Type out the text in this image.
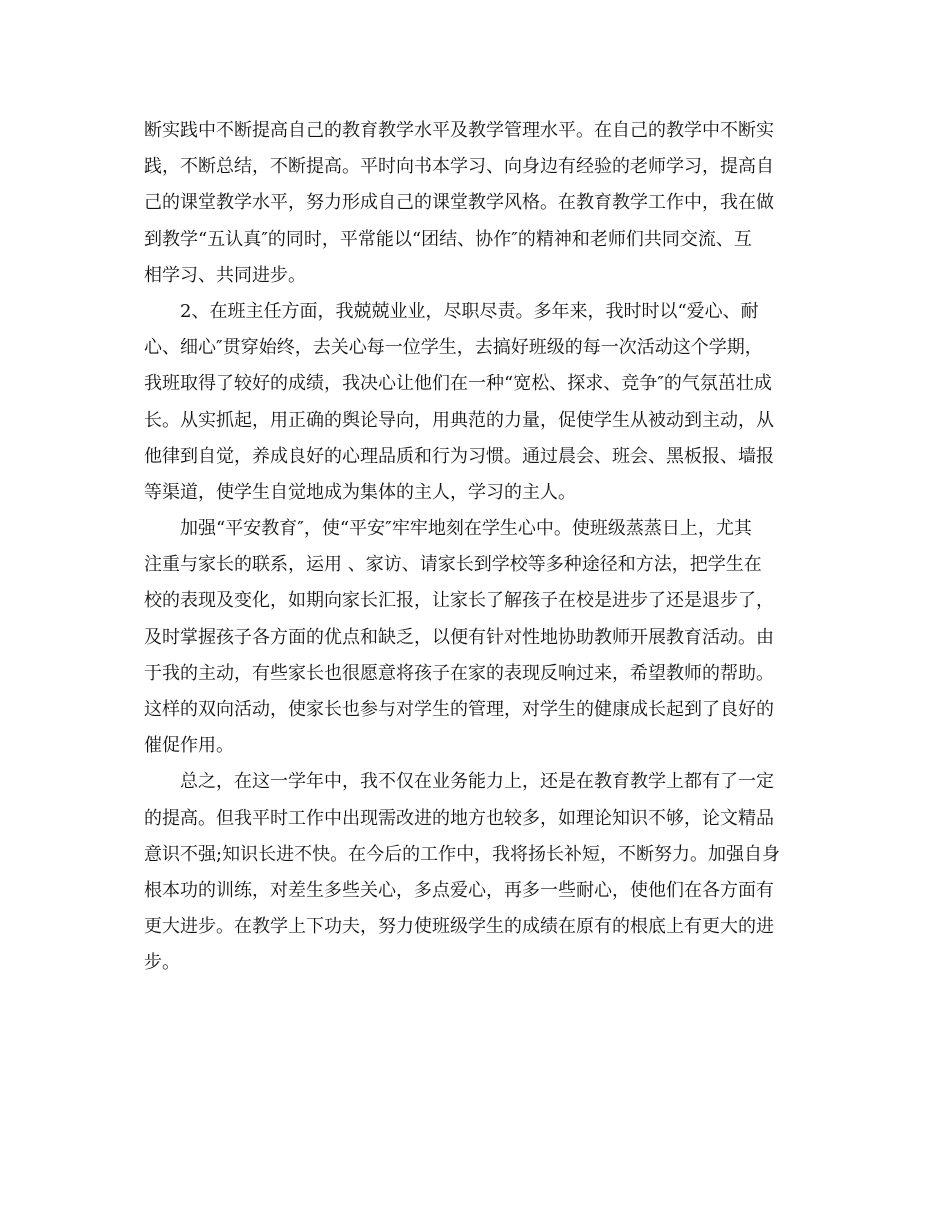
断实践中不断提高自己的教育教学水平及教学管理水平。在自己的教学中不断实
践，不断总结，不断提高。平时向书本学习、向身边有经验的老师学习，提高自
己的课堂教学水平，努力形成自己的课堂教学风格。在教育教学工作中，我在做
到教学“五认真″的同时，平常能以“团结、协作″的精神和老师们共同交流、互
相学习、共同进步。

2、在班主任方面，我兢兢业业，尽职尽责。多年来，我时时以“爱心、耐
心、细心″贯穿始终，去关心每一位学生，去搞好班级的每一次活动这个学期，
我班取得了较好的成绩，我决心让他们在一种“宽松、探求、竞争″的气氛茁壮成
长。从实抓起，用正确的舆论导向，用典范的力量，促使学生从被动到主动，从
他律到自觉，养成良好的心理品质和行为习惯。通过晨会、班会、黑板报、墙报
等渠道，使学生自觉地成为集体的主人，学习的主人。

加强“平安教育″，使“平安″牢牢地刻在学生心中。使班级蒸蒸日上，尤其
注重与家长的联系，运用 、家访、请家长到学校等多种途径和方法，把学生在
校的表现及变化，如期向家长汇报，让家长了解孩子在校是进步了还是退步了，
及时掌握孩子各方面的优点和缺乏，以便有针对性地协助教师开展教育活动。由
于我的主动，有些家长也很愿意将孩子在家的表现反响过来，希望教师的帮助。
这样的双向活动，使家长也参与对学生的管理，对学生的健康成长起到了良好的
催促作用。

总之，在这一学年中，我不仅在业务能力上，还是在教育教学上都有了一定
的提高。但我平时工作中出现需改进的地方也较多，如理论知识不够，论文精品
意识不强;知识长进不快。在今后的工作中，我将扬长补短，不断努力。加强自身
根本功的训练，对差生多些关心，多点爱心，再多一些耐心，使他们在各方面有
更大进步。在教学上下功夫，努力使班级学生的成绩在原有的根底上有更大的进
步。
